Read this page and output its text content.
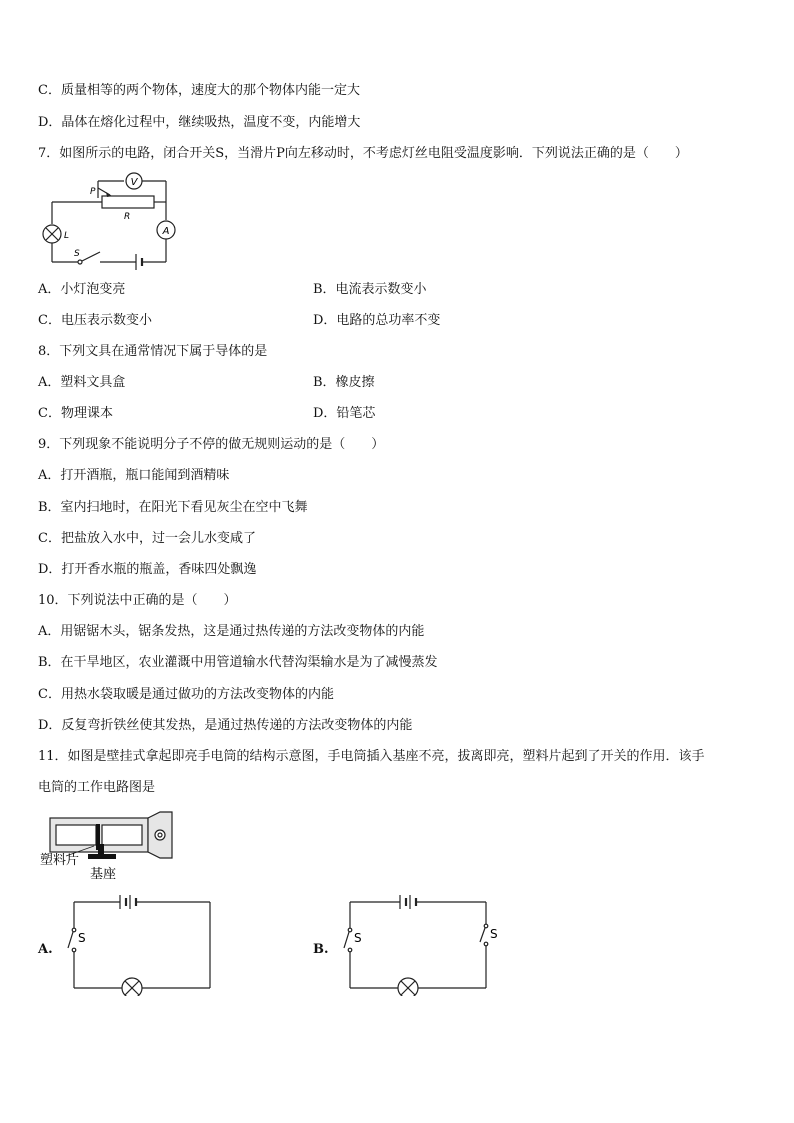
C．质量相等的两个物体，速度大的那个物体内能一定大
D．晶体在熔化过程中，继续吸热，温度不变，内能增大
7．如图所示的电路，闭合开关S，当滑片P向左移动时，不考虑灯丝电阻受温度影响．下列说法正确的是（　　）
V
A
P
R
L
S
A．小灯泡变亮	B．电流表示数变小
C．电压表示数变小	D．电路的总功率不变
8．下列文具在通常情况下属于导体的是
A．塑料文具盒	B．橡皮擦
C．物理课本	D．铅笔芯
9．下列现象不能说明分子不停的做无规则运动的是（　　）
A．打开酒瓶，瓶口能闻到酒精味
B．室内扫地时，在阳光下看见灰尘在空中飞舞
C．把盐放入水中，过一会儿水变咸了
D．打开香水瓶的瓶盖，香味四处飘逸
10．下列说法中正确的是（　　）
A．用锯锯木头，锯条发热，这是通过热传递的方法改变物体的内能
B．在干旱地区，农业灌溉中用管道输水代替沟渠输水是为了减慢蒸发
C．用热水袋取暖是通过做功的方法改变物体的内能
D．反复弯折铁丝使其发热，是通过热传递的方法改变物体的内能
11．如图是壁挂式拿起即亮手电筒的结构示意图，手电筒插入基座不亮，拔离即亮，塑料片起到了开关的作用．该手
电筒的工作电路图是
塑料片
基座
A.
S
B.
S	S
